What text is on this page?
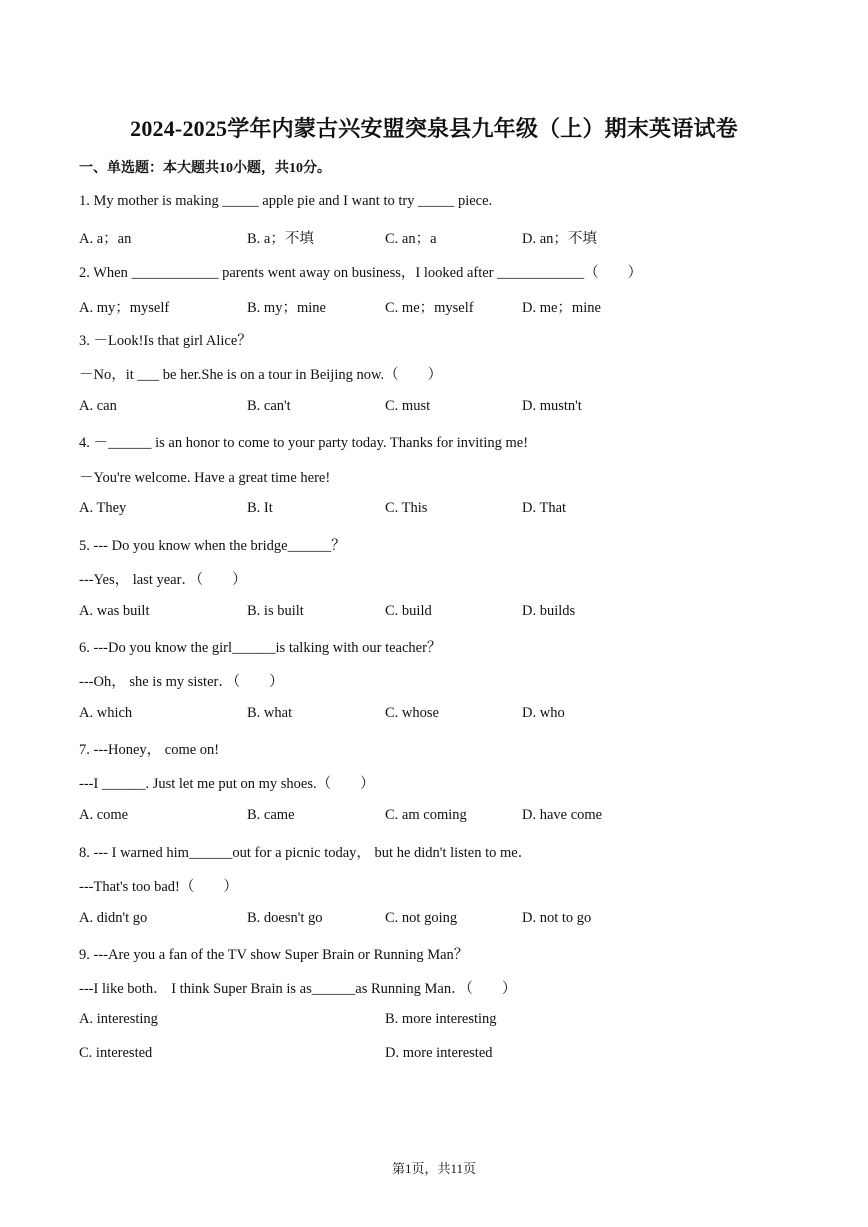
2024-2025学年内蒙古兴安盟突泉县九年级（上）期末英语试卷
一、单选题：本大题共10小题，共10分。
1. My mother is making _____ apple pie and I want to try _____ piece.
A. a；an	B. a；不填	C. an；a	D. an；不填
2. When ____________ parents went away on business，I looked after ____________（　　）
A. my；myself	B. my；mine	C. me；myself	D. me；mine
3. －Look!Is that girl Alice？
－No，it ___ be her.She is on a tour in Beijing now.（　　）
A. can	B. can't	C. must	D. mustn't
4. －______ is an honor to come to your party today. Thanks for inviting me!
－You're welcome. Have a great time here!
A. They	B. It	C. This	D. That
5. --- Do you know when the bridge______？
---Yes， last year．（　　）
A. was built	B. is built	C. build	D. builds
6. ---Do you know the girl______is talking with our teacher？
---Oh， she is my sister．（　　）
A. which	B. what	C. whose	D. who
7. ---Honey， come on!
---I ______. Just let me put on my shoes.（　　）
A. come	B. came	C. am coming	D. have come
8. --- I warned him______out for a picnic today， but he didn't listen to me．
---That's too bad!（　　）
A. didn't go	B. doesn't go	C. not going	D. not to go
9. ---Are you a fan of the TV show Super Brain or Running Man？
---I like both． I think Super Brain is as______as Running Man．（　　）
A. interesting	B. more interesting
C. interested	D. more interested
第1页，共11页
